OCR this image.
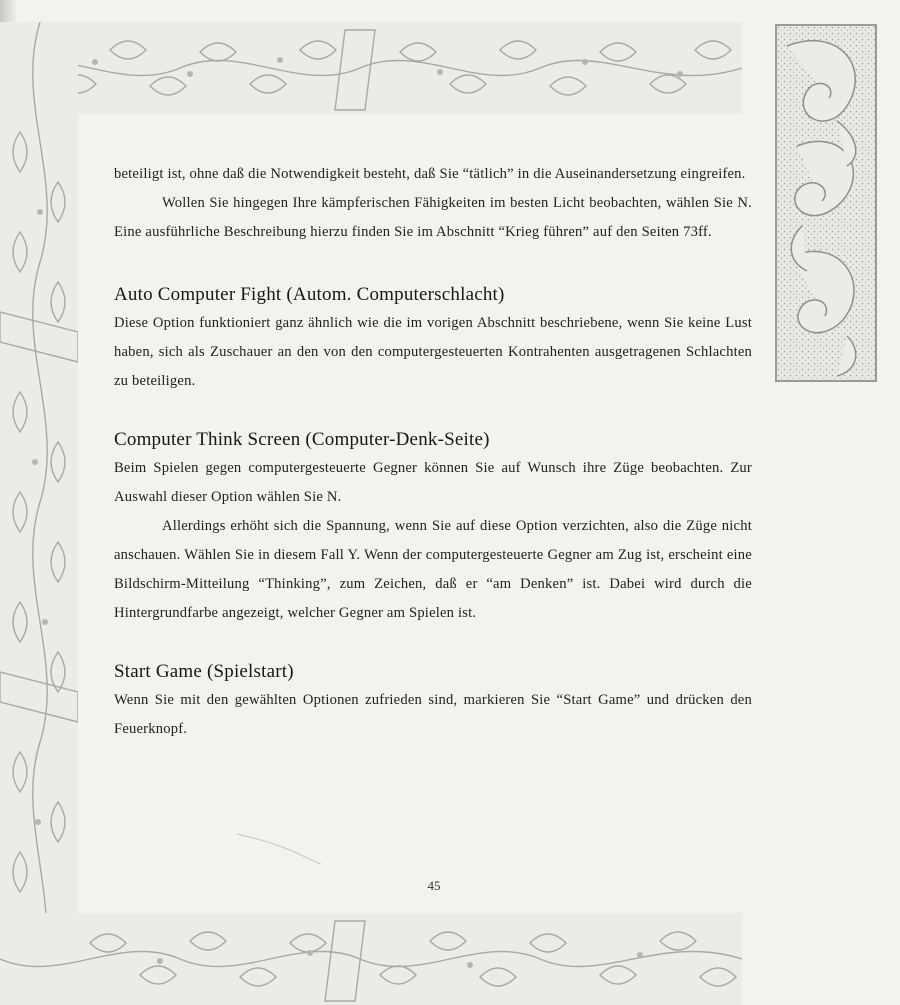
beteiligt ist, ohne daß die Notwendigkeit besteht, daß Sie “tätlich” in die Auseinandersetzung eingreifen.

Wollen Sie hingegen Ihre kämpferischen Fähigkeiten im besten Licht beobachten, wählen Sie N. Eine ausführliche Beschreibung hierzu finden Sie im Abschnitt “Krieg führen” auf den Seiten 73ff.

Auto Computer Fight (Autom. Computerschlacht)

Diese Option funktioniert ganz ähnlich wie die im vorigen Abschnitt beschriebene, wenn Sie keine Lust haben, sich als Zuschauer an den von den computergesteuerten Kontrahenten ausgetragenen Schlachten zu beteiligen.

Computer Think Screen (Computer-Denk-Seite)

Beim Spielen gegen computergesteuerte Gegner können Sie auf Wunsch ihre Züge beobachten. Zur Auswahl dieser Option wählen Sie N.

Allerdings erhöht sich die Spannung, wenn Sie auf diese Option verzichten, also die Züge nicht anschauen. Wählen Sie in diesem Fall Y. Wenn der computergesteuerte Gegner am Zug ist, erscheint eine Bildschirm-Mitteilung “Thinking”, zum Zeichen, daß er “am Denken” ist. Dabei wird durch die Hintergrundfarbe angezeigt, welcher Gegner am Spielen ist.

Start Game (Spielstart)

Wenn Sie mit den gewählten Optionen zufrieden sind, markieren Sie “Start Game” und drücken den Feuerknopf.

45
